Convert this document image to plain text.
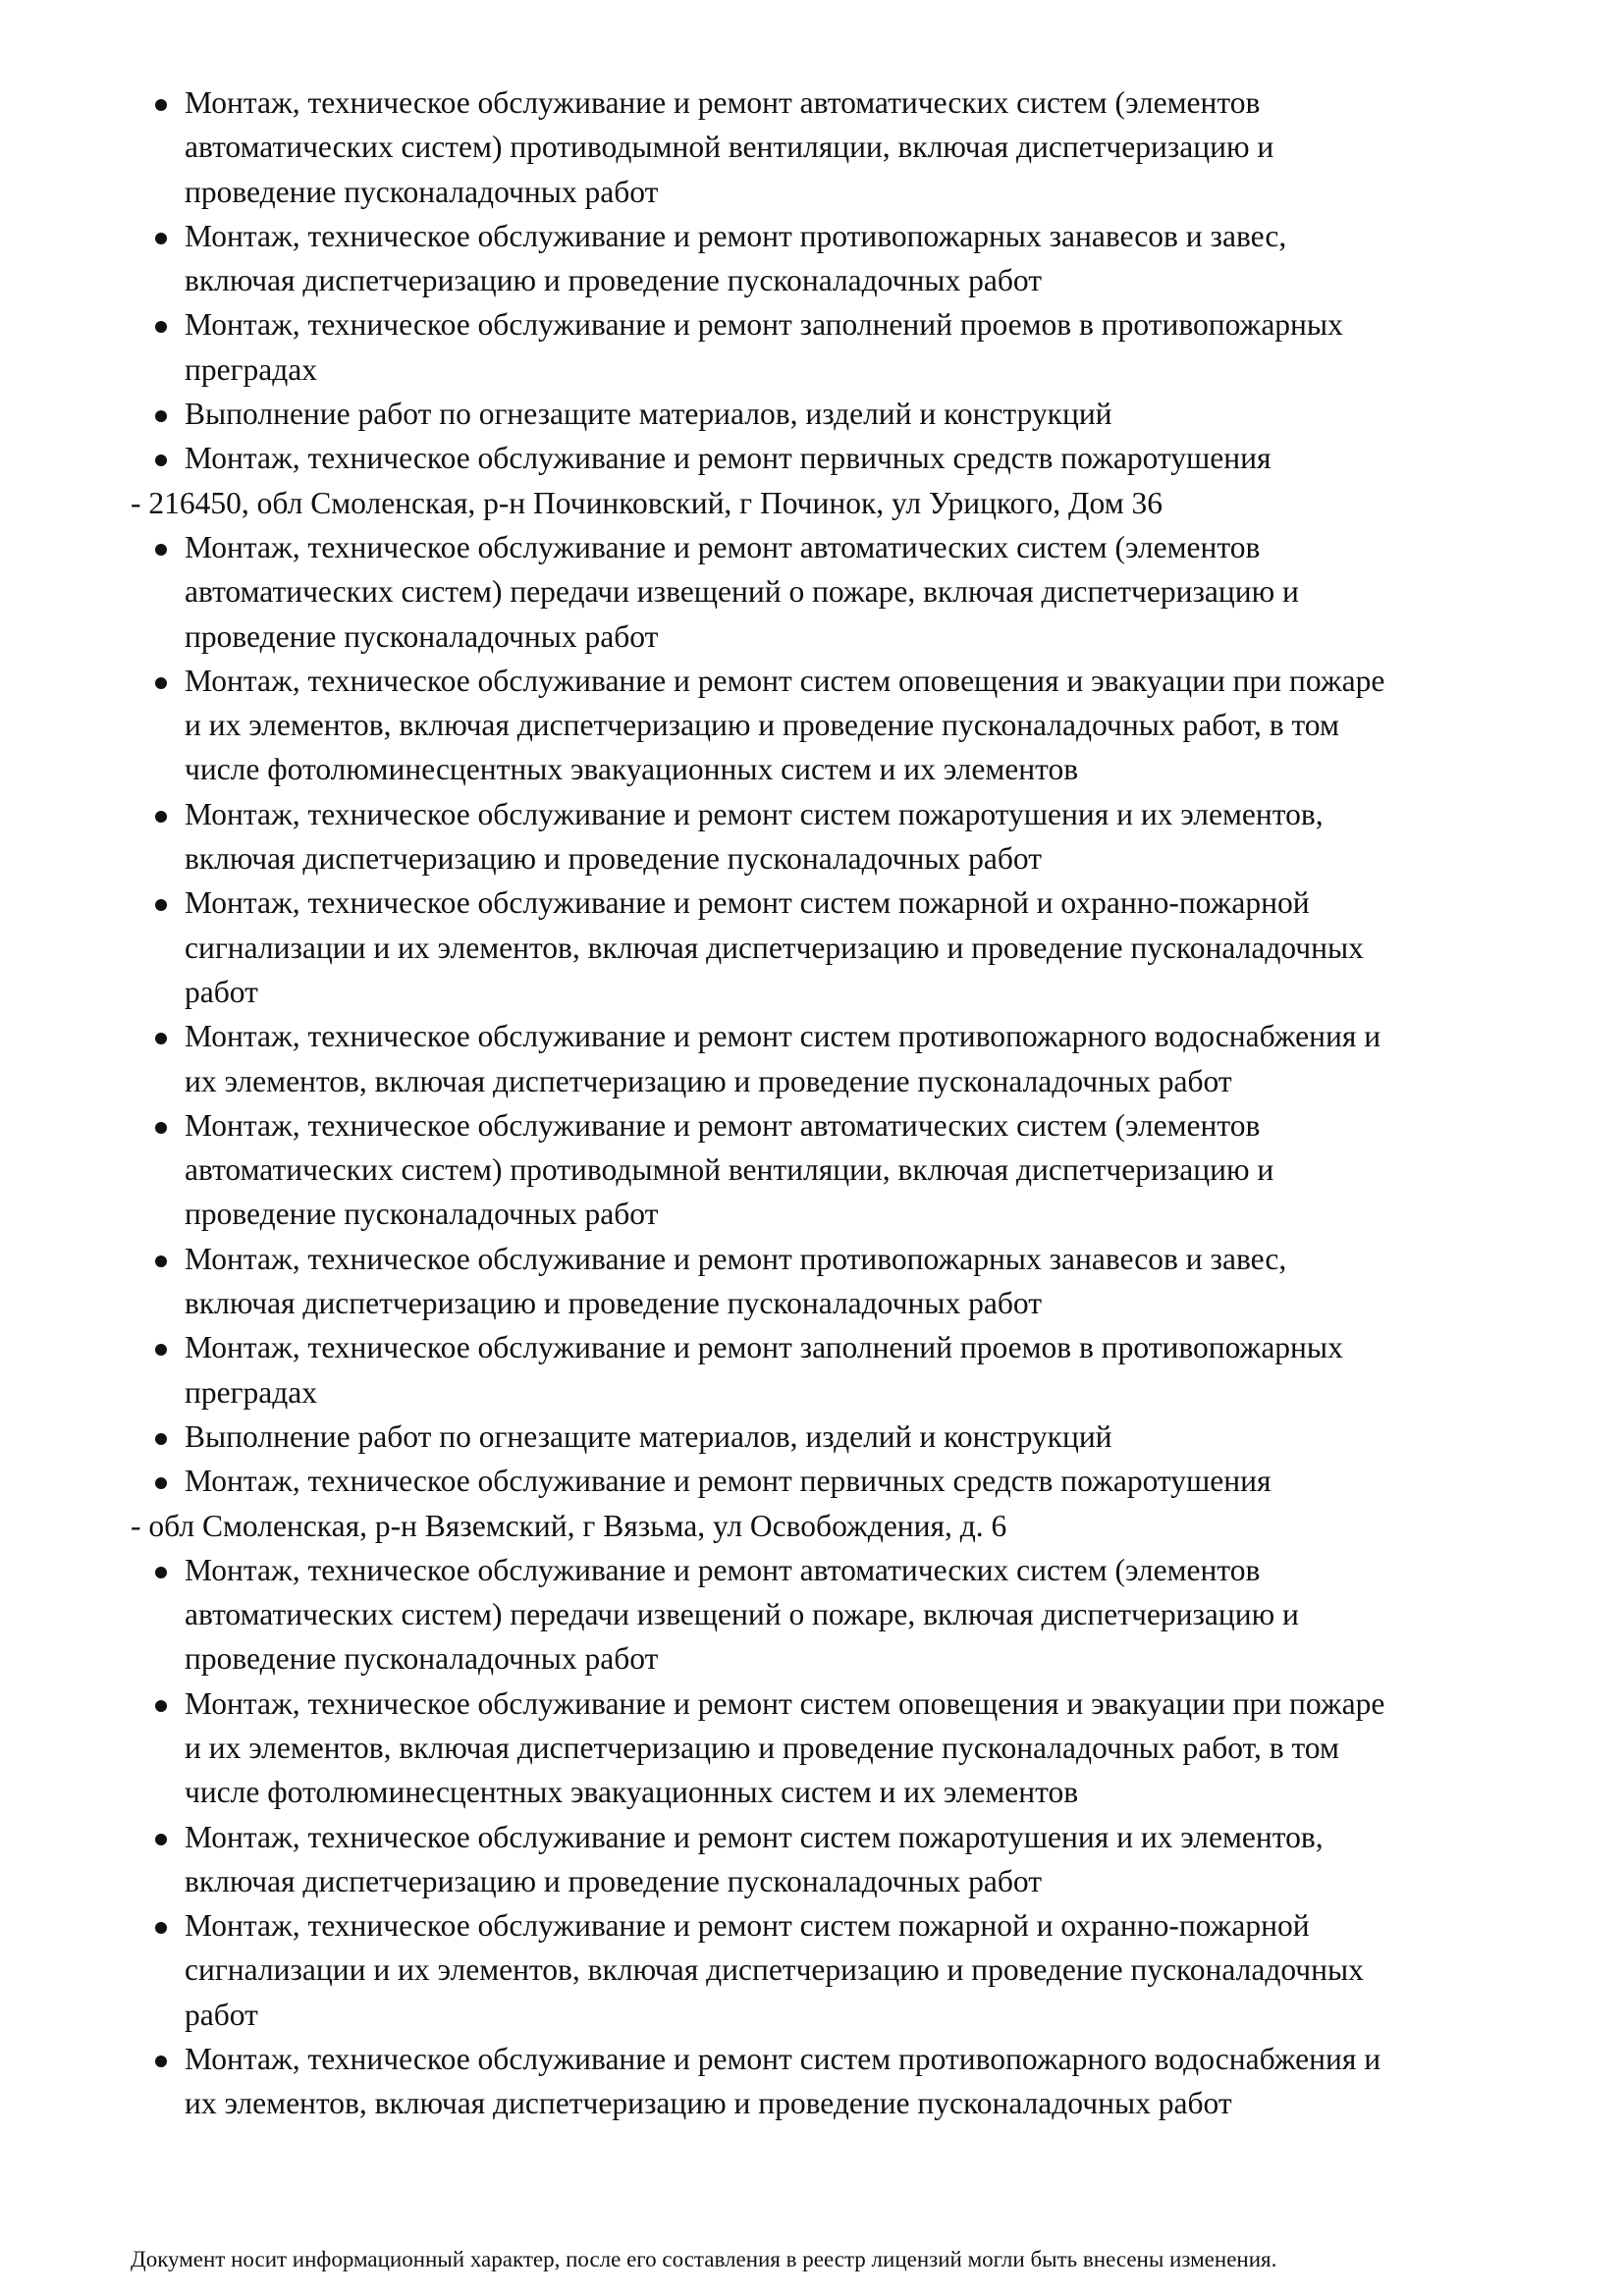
Монтаж, техническое обслуживание и ремонт автоматических систем (элементов
автоматических систем) противодымной вентиляции, включая диспетчеризацию и
проведение пусконаладочных работ
Монтаж, техническое обслуживание и ремонт противопожарных занавесов и завес,
включая диспетчеризацию и проведение пусконаладочных работ
Монтаж, техническое обслуживание и ремонт заполнений проемов в противопожарных
преградах
Выполнение работ по огнезащите материалов, изделий и конструкций
Монтаж, техническое обслуживание и ремонт первичных средств пожаротушения
- 216450, обл Смоленская, р-н Починковский, г Починок, ул Урицкого, Дом 36
Монтаж, техническое обслуживание и ремонт автоматических систем (элементов
автоматических систем) передачи извещений о пожаре, включая диспетчеризацию и
проведение пусконаладочных работ
Монтаж, техническое обслуживание и ремонт систем оповещения и эвакуации при пожаре
и их элементов, включая диспетчеризацию и проведение пусконаладочных работ, в том
числе фотолюминесцентных эвакуационных систем и их элементов
Монтаж, техническое обслуживание и ремонт систем пожаротушения и их элементов,
включая диспетчеризацию и проведение пусконаладочных работ
Монтаж, техническое обслуживание и ремонт систем пожарной и охранно-пожарной
сигнализации и их элементов, включая диспетчеризацию и проведение пусконаладочных
работ
Монтаж, техническое обслуживание и ремонт систем противопожарного водоснабжения и
их элементов, включая диспетчеризацию и проведение пусконаладочных работ
Монтаж, техническое обслуживание и ремонт автоматических систем (элементов
автоматических систем) противодымной вентиляции, включая диспетчеризацию и
проведение пусконаладочных работ
Монтаж, техническое обслуживание и ремонт противопожарных занавесов и завес,
включая диспетчеризацию и проведение пусконаладочных работ
Монтаж, техническое обслуживание и ремонт заполнений проемов в противопожарных
преградах
Выполнение работ по огнезащите материалов, изделий и конструкций
Монтаж, техническое обслуживание и ремонт первичных средств пожаротушения
- обл Смоленская, р-н Вяземский, г Вязьма, ул Освобождения, д. 6
Монтаж, техническое обслуживание и ремонт автоматических систем (элементов
автоматических систем) передачи извещений о пожаре, включая диспетчеризацию и
проведение пусконаладочных работ
Монтаж, техническое обслуживание и ремонт систем оповещения и эвакуации при пожаре
и их элементов, включая диспетчеризацию и проведение пусконаладочных работ, в том
числе фотолюминесцентных эвакуационных систем и их элементов
Монтаж, техническое обслуживание и ремонт систем пожаротушения и их элементов,
включая диспетчеризацию и проведение пусконаладочных работ
Монтаж, техническое обслуживание и ремонт систем пожарной и охранно-пожарной
сигнализации и их элементов, включая диспетчеризацию и проведение пусконаладочных
работ
Монтаж, техническое обслуживание и ремонт систем противопожарного водоснабжения и
их элементов, включая диспетчеризацию и проведение пусконаладочных работ
Документ носит информационный характер, после его составления в реестр лицензий могли быть внесены изменения.
